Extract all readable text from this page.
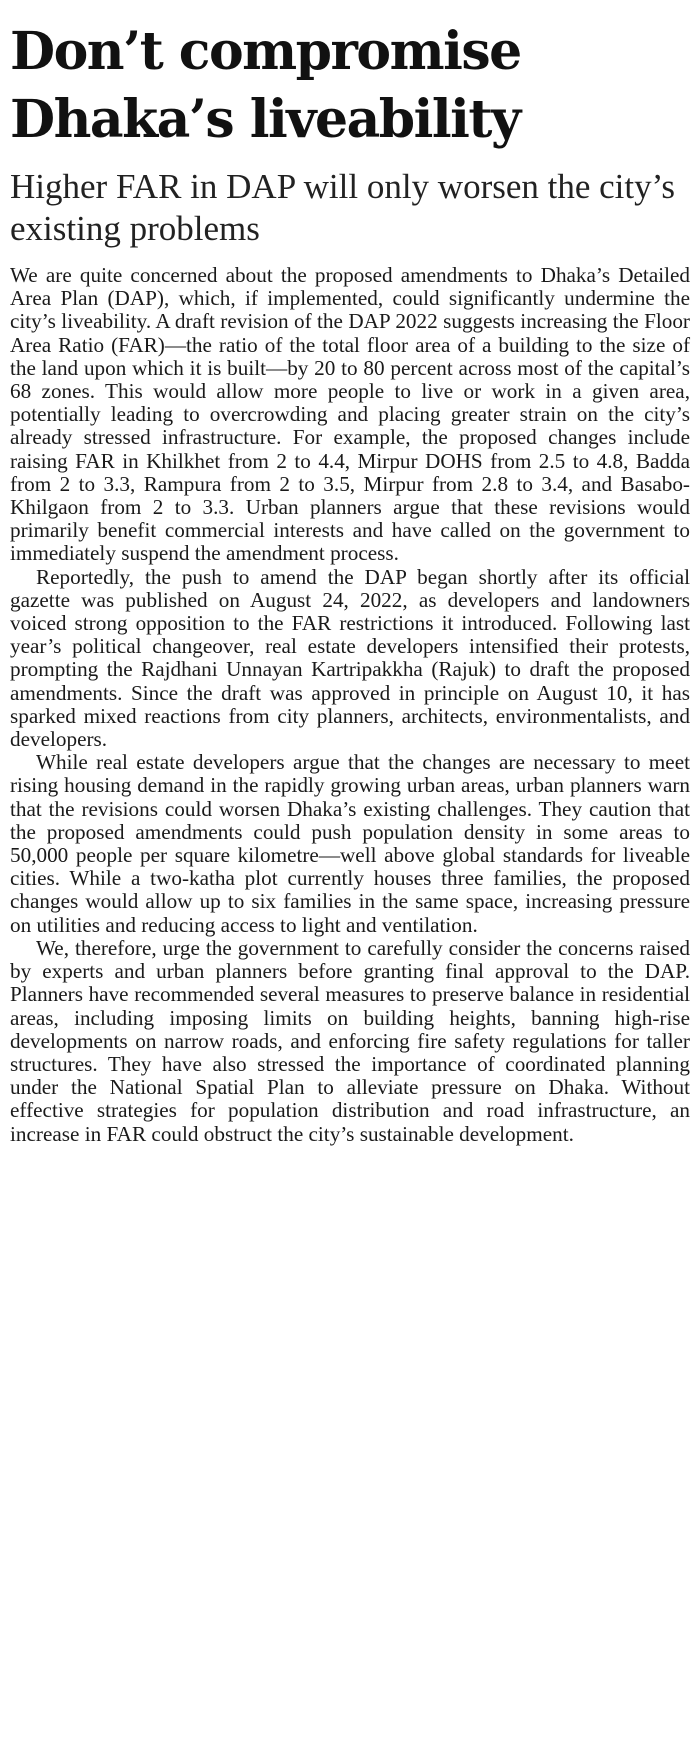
Don’t compromise Dhaka’s liveability
Higher FAR in DAP will only worsen the city’s existing problems

We are quite concerned about the proposed amendments to Dhaka’s Detailed Area Plan (DAP), which, if implemented, could significantly undermine the city’s liveability. A draft revision of the DAP 2022 suggests increasing the Floor Area Ratio (FAR)—the ratio of the total floor area of a building to the size of the land upon which it is built—by 20 to 80 percent across most of the capital’s 68 zones. This would allow more people to live or work in a given area, potentially leading to overcrowding and placing greater strain on the city’s already stressed infrastructure. For example, the proposed changes include raising FAR in Khilkhet from 2 to 4.4, Mirpur DOHS from 2.5 to 4.8, Badda from 2 to 3.3, Rampura from 2 to 3.5, Mirpur from 2.8 to 3.4, and Basabo-Khilgaon from 2 to 3.3. Urban planners argue that these revisions would primarily benefit commercial interests and have called on the government to immediately suspend the amendment process.

Reportedly, the push to amend the DAP began shortly after its official gazette was published on August 24, 2022, as developers and landowners voiced strong opposition to the FAR restrictions it introduced. Following last year’s political changeover, real estate developers intensified their protests, prompting the Rajdhani Unnayan Kartripakkha (Rajuk) to draft the proposed amendments. Since the draft was approved in principle on August 10, it has sparked mixed reactions from city planners, architects, environmentalists, and developers.

While real estate developers argue that the changes are necessary to meet rising housing demand in the rapidly growing urban areas, urban planners warn that the revisions could worsen Dhaka’s existing challenges. They caution that the proposed amendments could push population density in some areas to 50,000 people per square kilometre—well above global standards for liveable cities. While a two-katha plot currently houses three families, the proposed changes would allow up to six families in the same space, increasing pressure on utilities and reducing access to light and ventilation.

We, therefore, urge the government to carefully consider the concerns raised by experts and urban planners before granting final approval to the DAP. Planners have recommended several measures to preserve balance in residential areas, including imposing limits on building heights, banning high-rise developments on narrow roads, and enforcing fire safety regulations for taller structures. They have also stressed the importance of coordinated planning under the National Spatial Plan to alleviate pressure on Dhaka. Without effective strategies for population distribution and road infrastructure, an increase in FAR could obstruct the city’s sustainable development.
